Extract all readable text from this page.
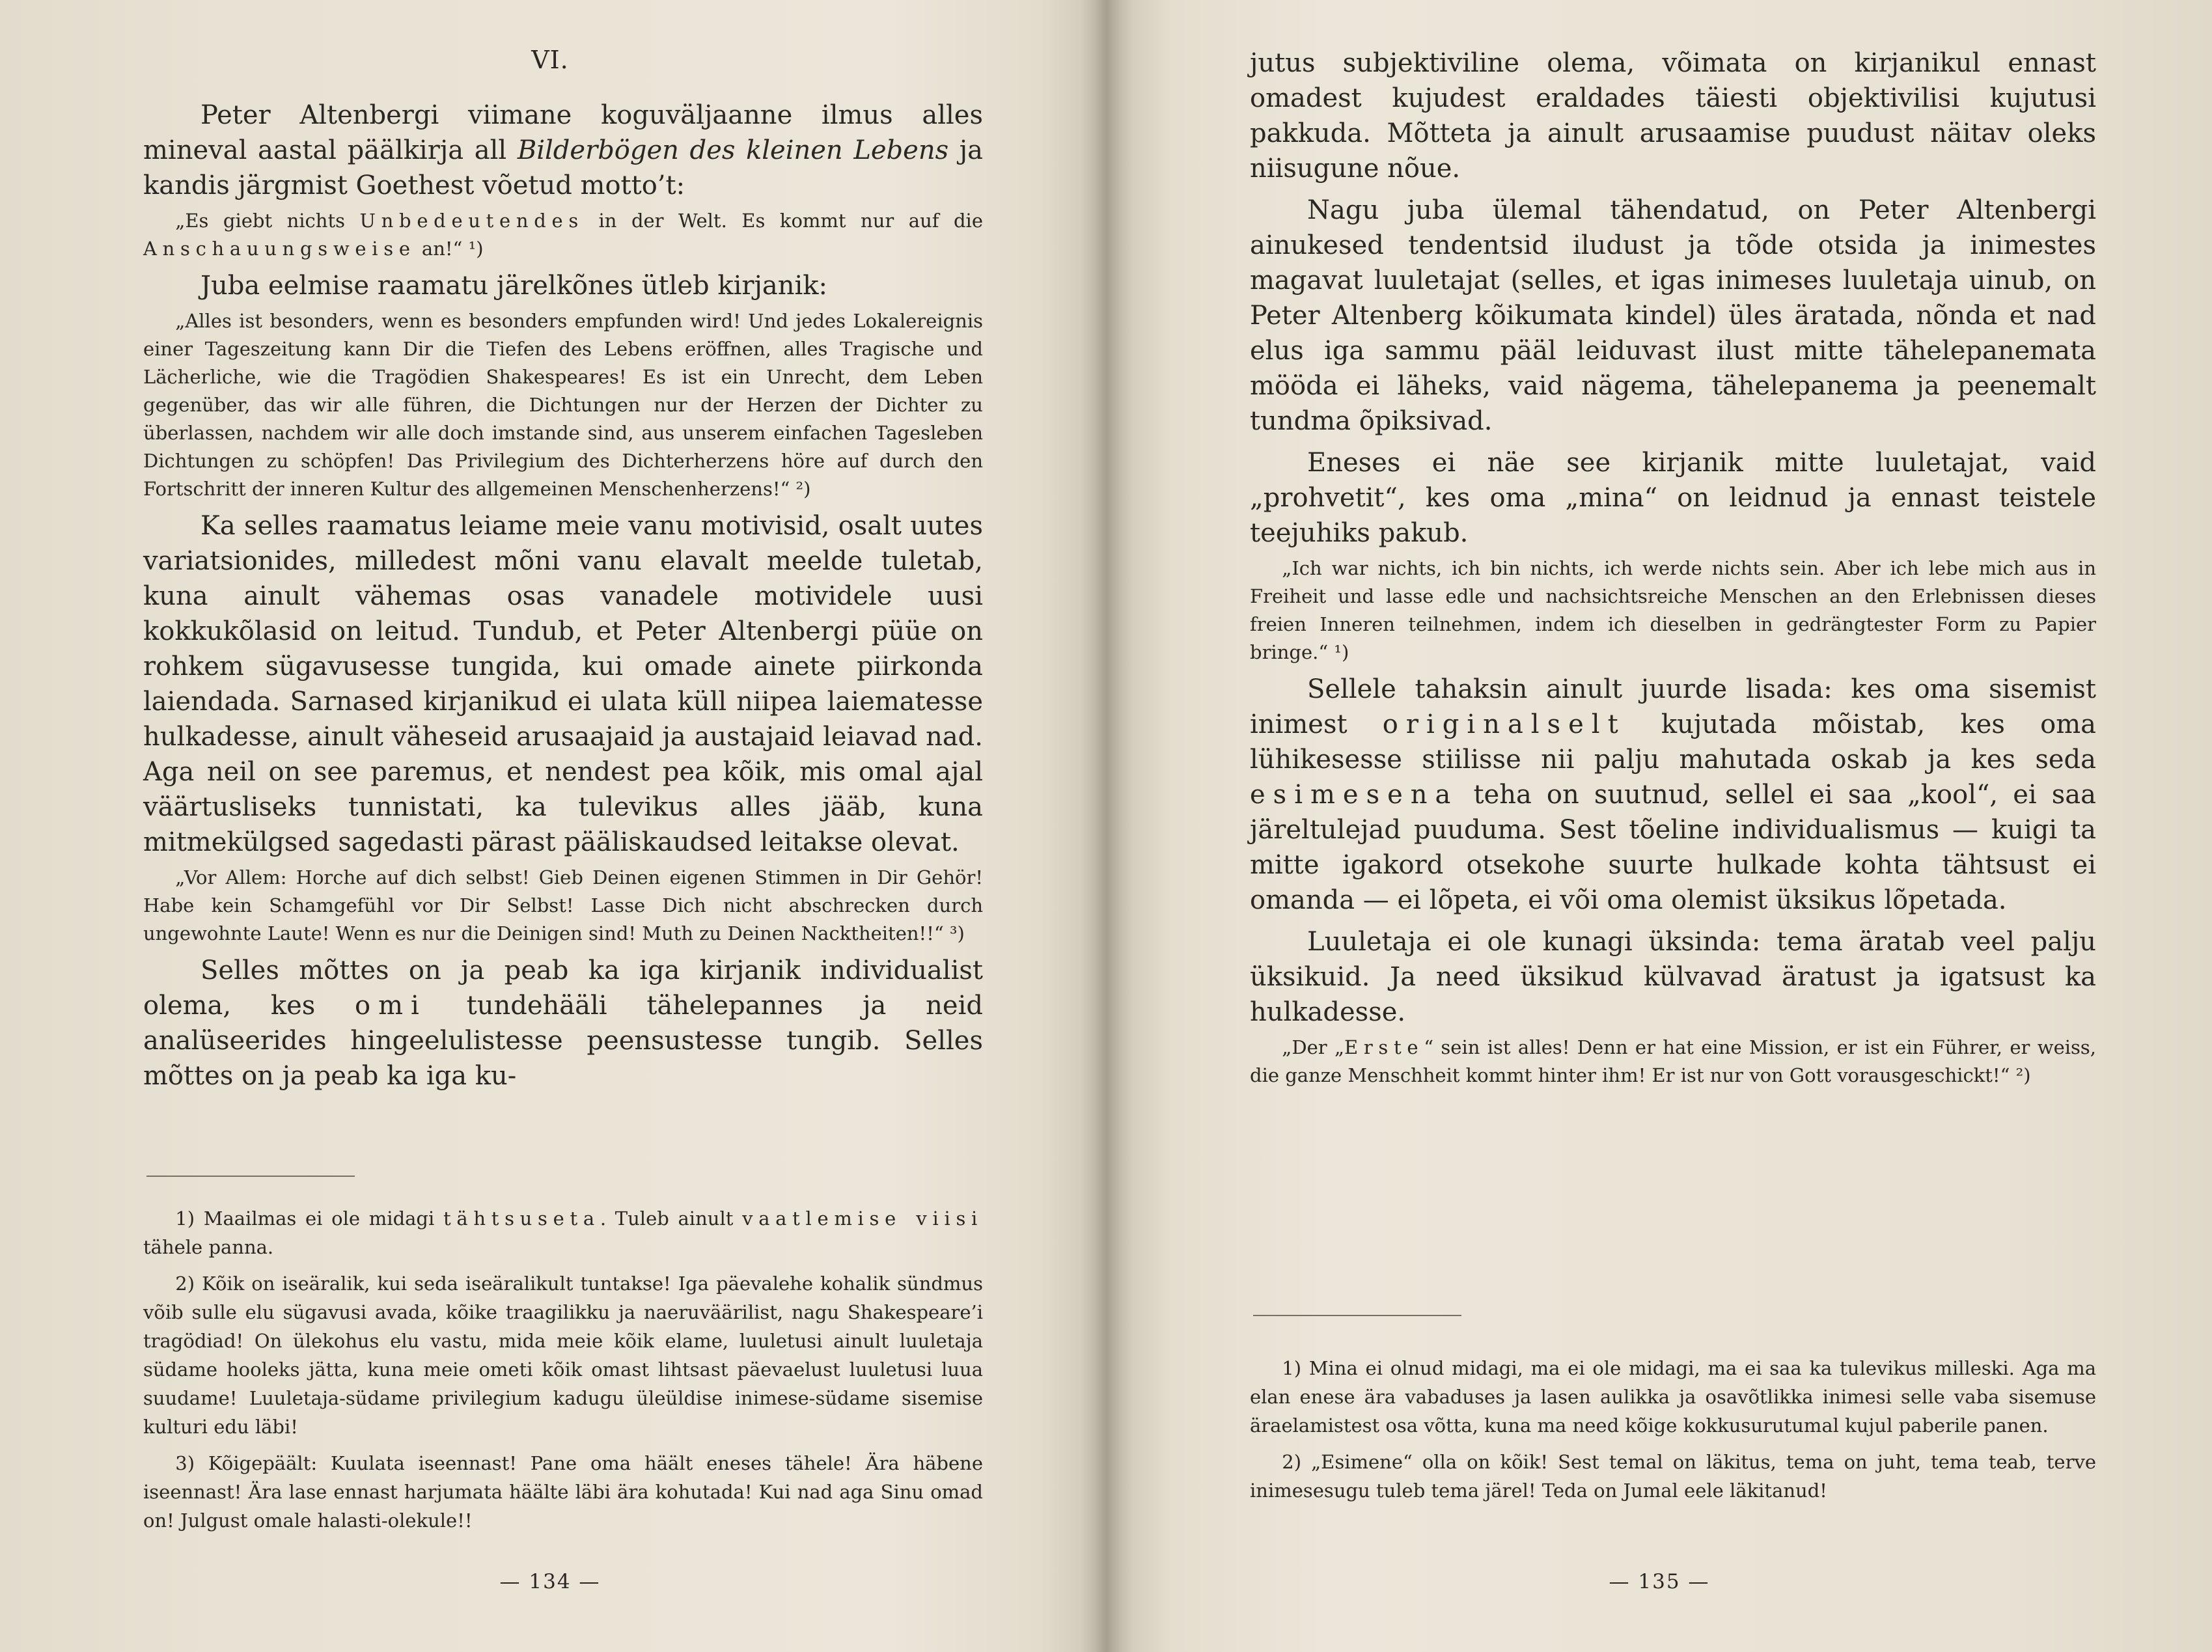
VI.

Peter Altenbergi viimane koguväljaanne ilmus alles mineval aastal päälkirja all Bilderbögen des kleinen Lebens ja kandis järgmist Goethest võetud motto’t:

„Es giebt nichts Unbedeutendes in der Welt. Es kommt nur auf die Anschauungsweise an!“ ¹)

Juba eelmise raamatu järelkõnes ütleb kirjanik:

„Alles ist besonders, wenn es besonders empfunden wird! Und jedes Lokalereignis einer Tageszeitung kann Dir die Tiefen des Lebens eröffnen, alles Tragische und Lächerliche, wie die Tragödien Shakespeares! Es ist ein Unrecht, dem Leben gegenüber, das wir alle führen, die Dichtungen nur der Herzen der Dichter zu überlassen, nachdem wir alle doch imstande sind, aus unserem einfachen Tagesleben Dichtungen zu schöpfen! Das Privilegium des Dichterherzens höre auf durch den Fortschritt der inneren Kultur des allgemeinen Menschenherzens!“ ²)

Ka selles raamatus leiame meie vanu motivisid, osalt uutes variatsionides, milledest mõni vanu elavalt meelde tuletab, kuna ainult vähemas osas vanadele motividele uusi kokkukõlasid on leitud. Tundub, et Peter Altenbergi püüe on rohkem sügavusesse tungida, kui omade ainete piirkonda laiendada. Sarnased kirjanikud ei ulata küll niipea laiematesse hulkadesse, ainult väheseid arusaajaid ja austajaid leiavad nad. Aga neil on see paremus, et nendest pea kõik, mis omal ajal väärtusliseks tunnistati, ka tulevikus alles jääb, kuna mitmekülgsed sagedasti pärast pääliskaudsed leitakse olevat.

„Vor Allem: Horche auf dich selbst! Gieb Deinen eigenen Stimmen in Dir Gehör! Habe kein Schamgefühl vor Dir Selbst! Lasse Dich nicht abschrecken durch ungewohnte Laute! Wenn es nur die Deinigen sind! Muth zu Deinen Nacktheiten!!“ ³)

Selles mõttes on ja peab ka iga kirjanik individualist olema, kes omi tundehääli tähelepannes ja neid analüseerides hingeelulistesse peensustesse tungib. Selles mõttes on ja peab ka iga ku-

1) Maailmas ei ole midagi tähtsuseta. Tuleb ainult vaatlemise viisi tähele panna.
2) Kõik on iseäralik, kui seda iseäralikult tuntakse! Iga päevalehe kohalik sündmus võib sulle elu sügavusi avada, kõike traagilikku ja naeruväärilist, nagu Shakespeare’i tragödiad! On ülekohus elu vastu, mida meie kõik elame, luuletusi ainult luuletaja südame hooleks jätta, kuna meie ometi kõik omast lihtsast päevaelust luuletusi luua suudame! Luuletaja-südame privilegium kadugu üleüldise inimese-südame sisemise kulturi edu läbi!
3) Kõigepäält: Kuulata iseennast! Pane oma häält eneses tähele! Ära häbene iseennast! Ära lase ennast harjumata häälte läbi ära kohutada! Kui nad aga Sinu omad on! Julgust omale halasti-olekule!!
— 134 —

jutus subjektiviline olema, võimata on kirjanikul ennast omadest kujudest eraldades täiesti objektivilisi kujutusi pakkuda. Mõtteta ja ainult arusaamise puudust näitav oleks niisugune nõue.

Nagu juba ülemal tähendatud, on Peter Altenbergi ainukesed tendentsid iludust ja tõde otsida ja inimestes magavat luuletajat (selles, et igas inimeses luuletaja uinub, on Peter Altenberg kõikumata kindel) üles äratada, nõnda et nad elus iga sammu pääl leiduvast ilust mitte tähelepanemata mööda ei läheks, vaid nägema, tähelepanema ja peenemalt tundma õpiksivad.

Eneses ei näe see kirjanik mitte luuletajat, vaid „prohvetit“, kes oma „mina“ on leidnud ja ennast teistele teejuhiks pakub.

„Ich war nichts, ich bin nichts, ich werde nichts sein. Aber ich lebe mich aus in Freiheit und lasse edle und nachsichtsreiche Menschen an den Erlebnissen dieses freien Inneren teilnehmen, indem ich dieselben in gedrängtester Form zu Papier bringe.“ ¹)

Sellele tahaksin ainult juurde lisada: kes oma sisemist inimest originalselt kujutada mõistab, kes oma lühikesesse stiilisse nii palju mahutada oskab ja kes seda esimesena teha on suutnud, sellel ei saa „kool“, ei saa järeltulejad puuduma. Sest tõeline individualismus — kuigi ta mitte igakord otsekohe suurte hulkade kohta tähtsust ei omanda — ei lõpeta, ei või oma olemist üksikus lõpetada.

Luuletaja ei ole kunagi üksinda: tema äratab veel palju üksikuid. Ja need üksikud külvavad äratust ja igatsust ka hulkadesse.

„Der „Erste“ sein ist alles! Denn er hat eine Mission, er ist ein Führer, er weiss, die ganze Menschheit kommt hinter ihm! Er ist nur von Gott vorausgeschickt!“ ²)
1) Mina ei olnud midagi, ma ei ole midagi, ma ei saa ka tulevikus milleski. Aga ma elan enese ära vabaduses ja lasen aulikka ja osavõtlikka inimesi selle vaba sisemuse äraelamistest osa võtta, kuna ma need kõige kokkusurutumal kujul paberile panen.
2) „Esimene“ olla on kõik! Sest temal on läkitus, tema on juht, tema teab, terve inimesesugu tuleb tema järel! Teda on Jumal eele läkitanud!
— 135 —
